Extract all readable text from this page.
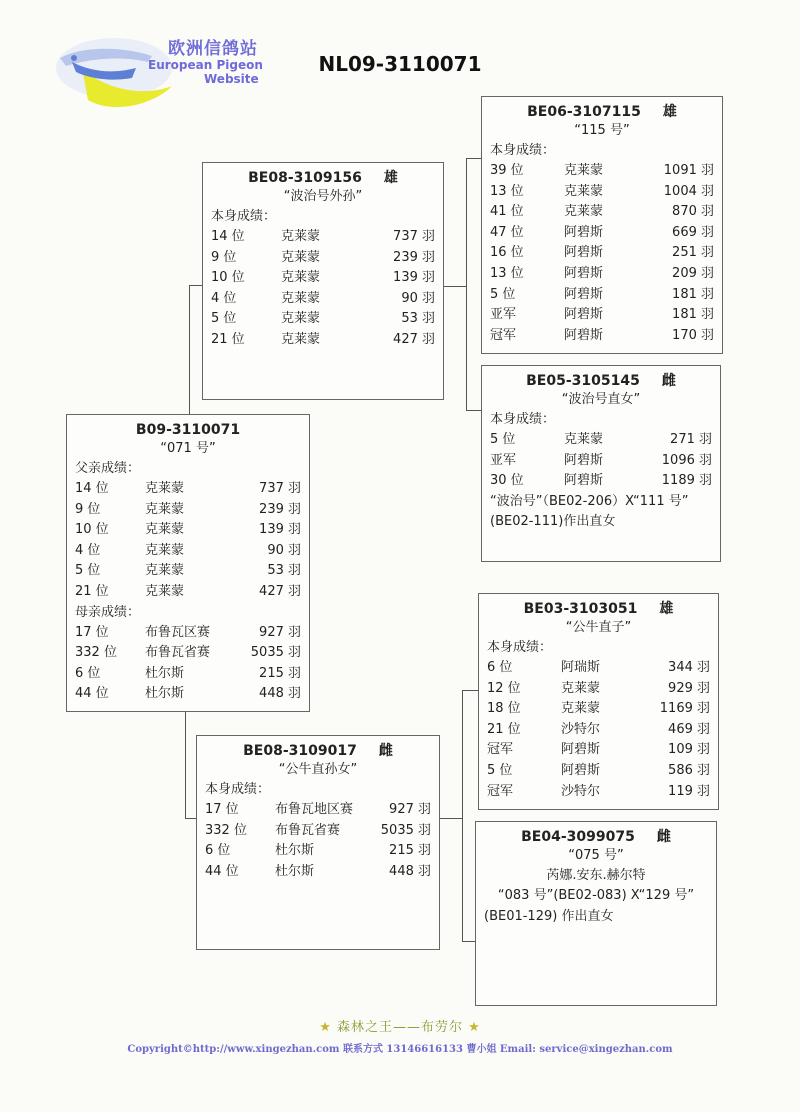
欧洲信鸽站
European Pigeon
Website
NL09-3110071
BE08-3109156 雄
“波治号外孙”
本身成绩：
14 位	克莱蒙	737 羽
9 位	克莱蒙	239 羽
10 位	克莱蒙	139 羽
4 位	克莱蒙	90 羽
5 位	克莱蒙	53 羽
21 位	克莱蒙	427 羽
BE06-3107115 雄
“115 号”
本身成绩：
39 位	克莱蒙	1091 羽
13 位	克莱蒙	1004 羽
41 位	克莱蒙	870 羽
47 位	阿碧斯	669 羽
16 位	阿碧斯	251 羽
13 位	阿碧斯	209 羽
5 位	阿碧斯	181 羽
亚军	阿碧斯	181 羽
冠军	阿碧斯	170 羽
BE05-3105145 雌
“波治号直女”
本身成绩：
5 位	克莱蒙	271 羽
亚军	阿碧斯	1096 羽
30 位	阿碧斯	1189 羽
“波治号”（BE02-206）X“111 号”
(BE02-111)作出直女
B09-3110071
“071 号”
父亲成绩：
14 位	克莱蒙	737 羽
9 位	克莱蒙	239 羽
10 位	克莱蒙	139 羽
4 位	克莱蒙	90 羽
5 位	克莱蒙	53 羽
21 位	克莱蒙	427 羽
母亲成绩：
17 位	布鲁瓦区赛	927 羽
332 位 布鲁瓦省赛	5035 羽
6 位	杜尔斯	215 羽
44 位	杜尔斯	448 羽
BE08-3109017 雌
“公牛直孙女”
本身成绩：
17 位	布鲁瓦地区赛	927 羽
332 位 布鲁瓦省赛	5035 羽
6 位	杜尔斯	215 羽
44 位	杜尔斯	448 羽
BE03-3103051 雄
“公牛直子”
本身成绩：
6 位	阿瑞斯	344 羽
12 位	克莱蒙	929 羽
18 位	克莱蒙	1169 羽
21 位	沙特尔	469 羽
冠军	阿碧斯	109 羽
5 位	阿碧斯	586 羽
冠军	沙特尔	119 羽
BE04-3099075 雌
“075 号”
芮娜.安东.赫尔特
“083 号”(BE02-083) X“129 号”
(BE01-129) 作出直女
★ 森林之王——布劳尔 ★
Copyright©http://www.xingezhan.com 联系方式 13146616133 曹小姐 Email: service@xingezhan.com
